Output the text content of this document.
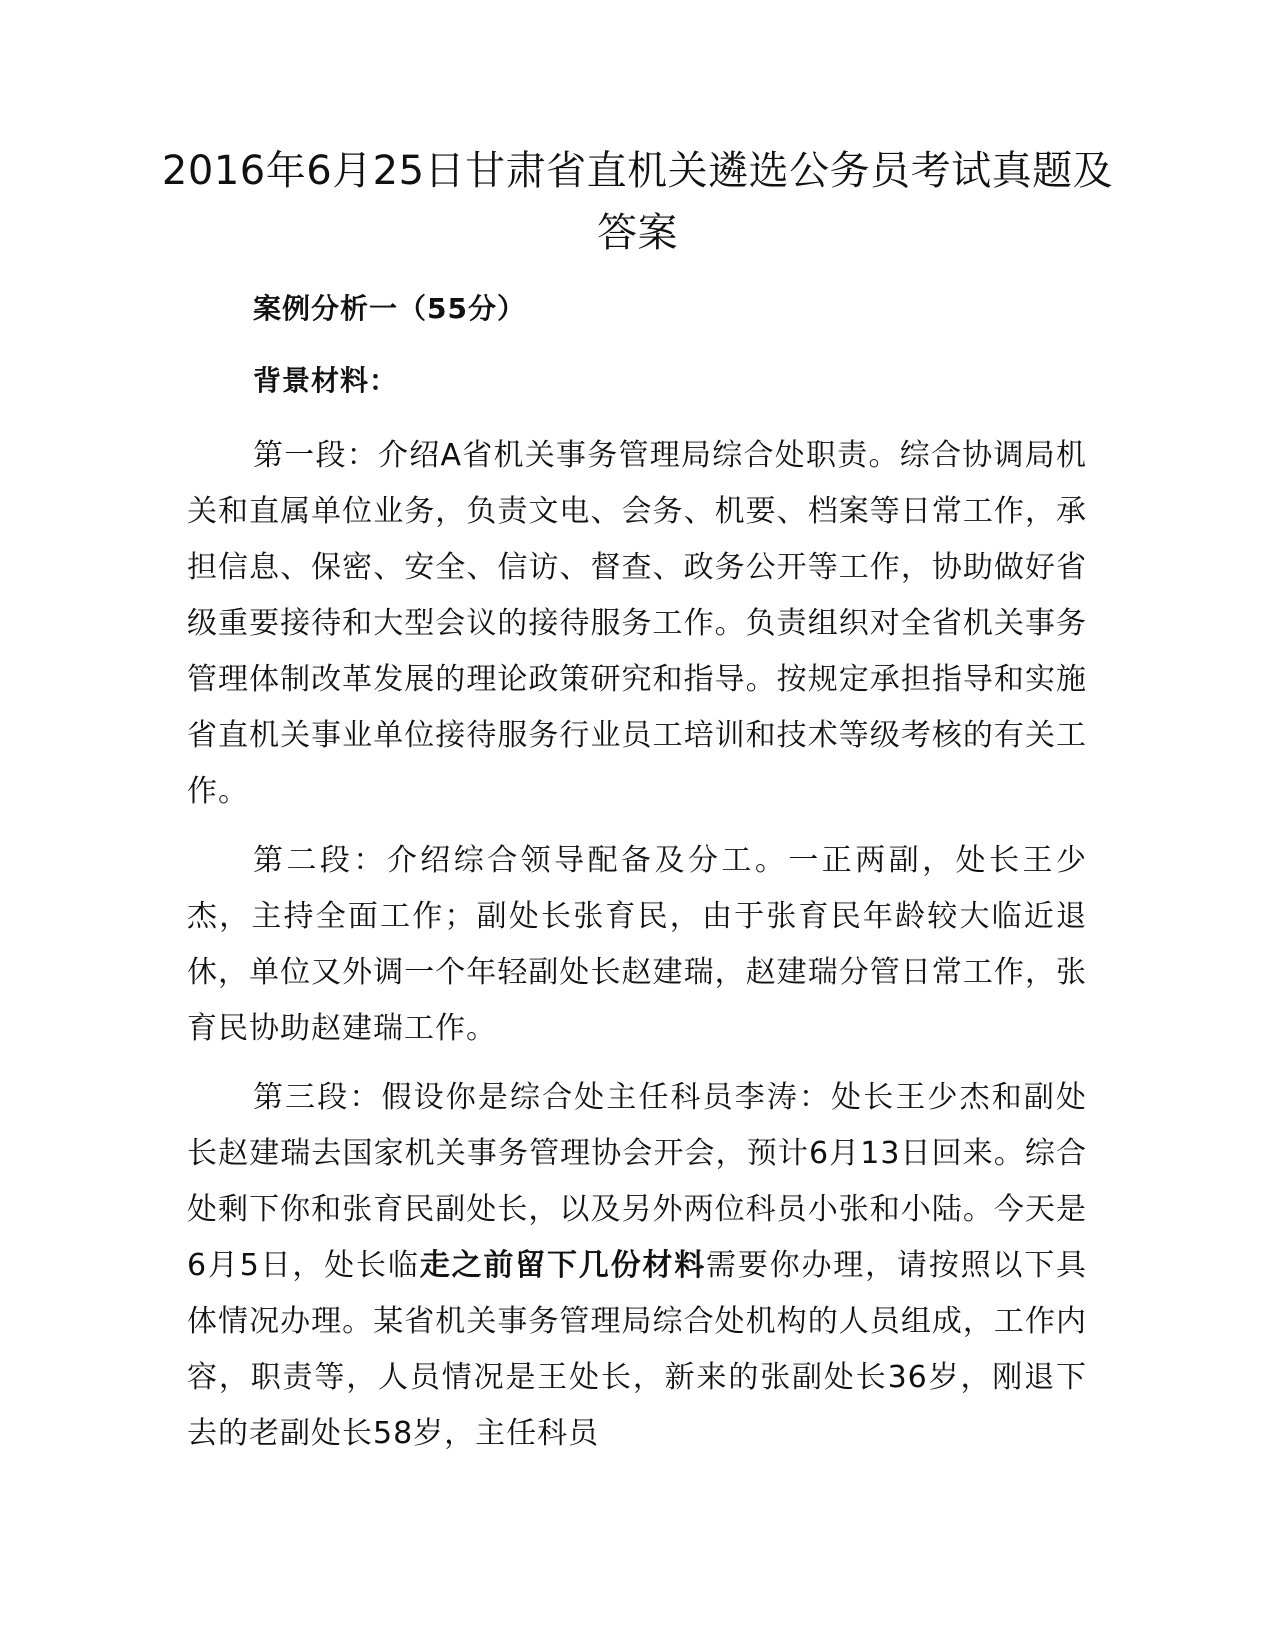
2016年6月25日甘肃省直机关遴选公务员考试真题及答案

案例分析一（55分）

背景材料：

第一段：介绍A省机关事务管理局综合处职责。综合协调局机关和直属单位业务，负责文电、会务、机要、档案等日常工作，承担信息、保密、安全、信访、督查、政务公开等工作，协助做好省级重要接待和大型会议的接待服务工作。负责组织对全省机关事务管理体制改革发展的理论政策研究和指导。按规定承担指导和实施省直机关事业单位接待服务行业员工培训和技术等级考核的有关工作。

第二段：介绍综合领导配备及分工。一正两副，处长王少杰，主持全面工作；副处长张育民，由于张育民年龄较大临近退休，单位又外调一个年轻副处长赵建瑞，赵建瑞分管日常工作，张育民协助赵建瑞工作。

第三段：假设你是综合处主任科员李涛：处长王少杰和副处长赵建瑞去国家机关事务管理协会开会，预计6月13日回来。综合处剩下你和张育民副处长，以及另外两位科员小张和小陆。今天是6月5日，处长临走之前留下几份材料需要你办理，请按照以下具体情况办理。某省机关事务管理局综合处机构的人员组成，工作内容，职责等，人员情况是王处长，新来的张副处长36岁，刚退下去的老副处长58岁，主任科员
